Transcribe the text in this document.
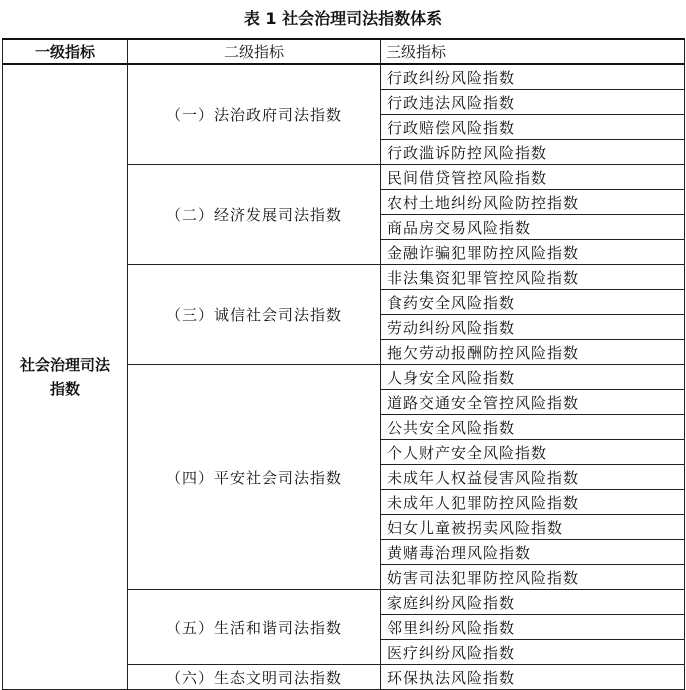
表 1 社会治理司法指数体系
一级指标	二级指标	三级指标

社会治理司法
指数	（一）法治政府司法指数	行政纠纷风险指数
		行政违法风险指数
		行政赔偿风险指数
		行政滥诉防控风险指数
	（二）经济发展司法指数	民间借贷管控风险指数
		农村土地纠纷风险防控指数
		商品房交易风险指数
		金融诈骗犯罪防控风险指数
	（三）诚信社会司法指数	非法集资犯罪管控风险指数
		食药安全风险指数
		劳动纠纷风险指数
		拖欠劳动报酬防控风险指数
	（四）平安社会司法指数	人身安全风险指数
		道路交通安全管控风险指数
		公共安全风险指数
		个人财产安全风险指数
		未成年人权益侵害风险指数
		未成年人犯罪防控风险指数
		妇女儿童被拐卖风险指数
		黄赌毒治理风险指数
		妨害司法犯罪防控风险指数
	（五）生活和谐司法指数	家庭纠纷风险指数
		邻里纠纷风险指数
		医疗纠纷风险指数
	（六）生态文明司法指数	环保执法风险指数
